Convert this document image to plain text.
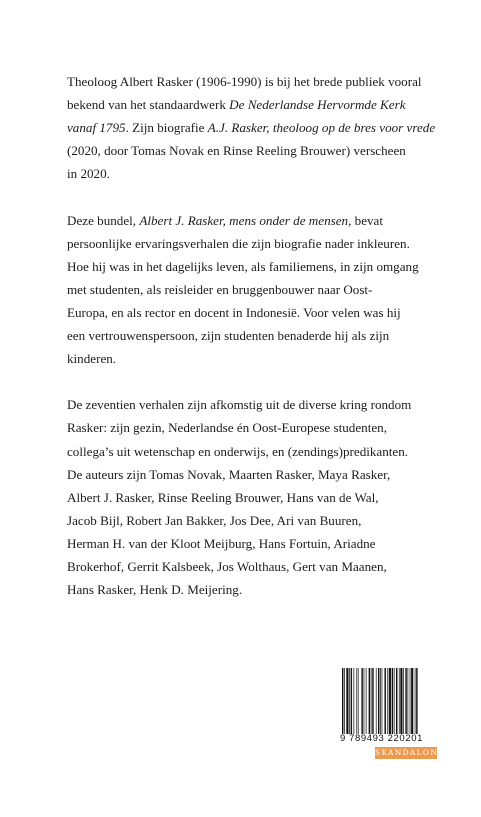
Theoloog Albert Rasker (1906-1990) is bij het brede publiek vooral
bekend van het standaardwerk De Nederlandse Hervormde Kerk
vanaf 1795. Zijn biografie A.J. Rasker, theoloog op de bres voor vrede
(2020, door Tomas Novak en Rinse Reeling Brouwer) verscheen
in 2020.

Deze bundel, Albert J. Rasker, mens onder de mensen, bevat
persoonlijke ervaringsverhalen die zijn biografie nader inkleuren.
Hoe hij was in het dagelijks leven, als familiemens, in zijn omgang
met studenten, als reisleider en bruggenbouwer naar Oost-
Europa, en als rector en docent in Indonesië. Voor velen was hij
een vertrouwenspersoon, zijn studenten benaderde hij als zijn
kinderen.

De zeventien verhalen zijn afkomstig uit de diverse kring rondom
Rasker: zijn gezin, Nederlandse én Oost-Europese studenten,
collega’s uit wetenschap en onderwijs, en (zendings)predikanten.
De auteurs zijn Tomas Novak, Maarten Rasker, Maya Rasker,
Albert J. Rasker, Rinse Reeling Brouwer, Hans van de Wal,
Jacob Bijl, Robert Jan Bakker, Jos Dee, Ari van Buuren,
Herman H. van der Kloot Meijburg, Hans Fortuin, Ariadne
Brokerhof, Gerrit Kalsbeek, Jos Wolthaus, Gert van Maanen,
Hans Rasker, Henk D. Meijering.

9 789493 220201
SKANDALON
